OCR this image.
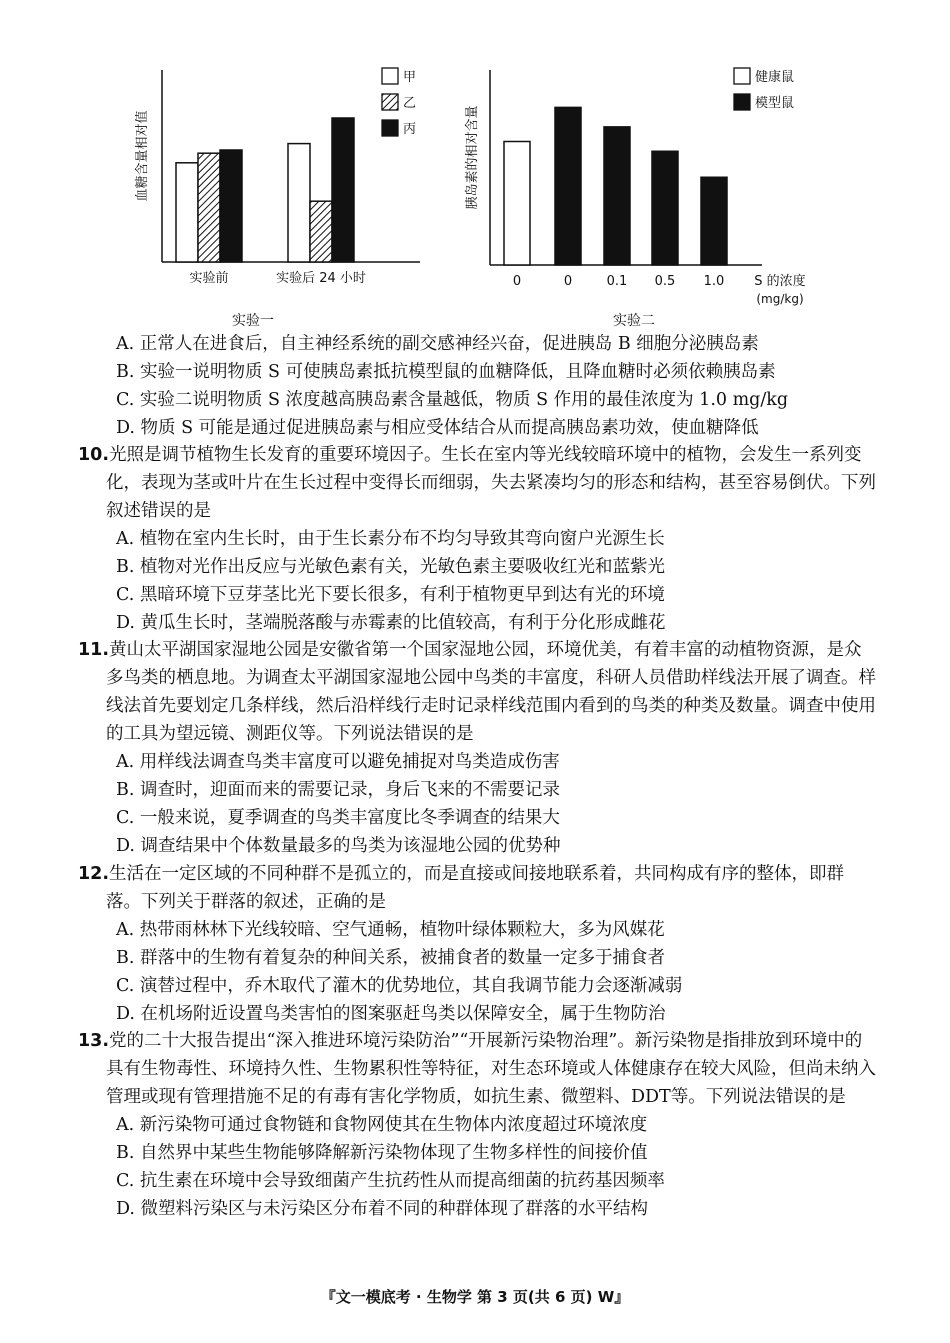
血糖含量相对值
实验前	实验后 24 小时
甲
乙
丙
实验一
胰岛素的相对含量
0	0	0.1 0.5 1.0 S 的浓度
(mg/kg)
健康鼠
模型鼠
实验二

A. 正常人在进食后，自主神经系统的副交感神经兴奋，促进胰岛 B 细胞分泌胰岛素

B. 实验一说明物质 S 可使胰岛素抵抗模型鼠的血糖降低，且降血糖时必须依赖胰岛素

C. 实验二说明物质 S 浓度越高胰岛素含量越低，物质 S 作用的最佳浓度为 1.0 mg/kg

D. 物质 S 可能是通过促进胰岛素与相应受体结合从而提高胰岛素功效，使血糖降低

10.光照是调节植物生长发育的重要环境因子。生长在室内等光线较暗环境中的植物，会发生一系列变化，表现为茎或叶片在生长过程中变得长而细弱，失去紧凑均匀的形态和结构，甚至容易倒伏。下列叙述错误的是

A. 植物在室内生长时，由于生长素分布不均匀导致其弯向窗户光源生长

B. 植物对光作出反应与光敏色素有关，光敏色素主要吸收红光和蓝紫光

C. 黑暗环境下豆芽茎比光下要长很多，有利于植物更早到达有光的环境

D. 黄瓜生长时，茎端脱落酸与赤霉素的比值较高，有利于分化形成雌花

11.黄山太平湖国家湿地公园是安徽省第一个国家湿地公园，环境优美，有着丰富的动植物资源，是众多鸟类的栖息地。为调查太平湖国家湿地公园中鸟类的丰富度，科研人员借助样线法开展了调查。样线法首先要划定几条样线，然后沿样线行走时记录样线范围内看到的鸟类的种类及数量。调查中使用的工具为望远镜、测距仪等。下列说法错误的是

A. 用样线法调查鸟类丰富度可以避免捕捉对鸟类造成伤害

B. 调查时，迎面而来的需要记录，身后飞来的不需要记录

C. 一般来说，夏季调查的鸟类丰富度比冬季调查的结果大

D. 调查结果中个体数量最多的鸟类为该湿地公园的优势种

12.生活在一定区域的不同种群不是孤立的，而是直接或间接地联系着，共同构成有序的整体，即群落。下列关于群落的叙述，正确的是

A. 热带雨林林下光线较暗、空气通畅，植物叶绿体颗粒大，多为风媒花

B. 群落中的生物有着复杂的种间关系，被捕食者的数量一定多于捕食者

C. 演替过程中，乔木取代了灌木的优势地位，其自我调节能力会逐渐减弱

D. 在机场附近设置鸟类害怕的图案驱赶鸟类以保障安全，属于生物防治

13.党的二十大报告提出“深入推进环境污染防治”“开展新污染物治理”。新污染物是指排放到环境中的具有生物毒性、环境持久性、生物累积性等特征，对生态环境或人体健康存在较大风险，但尚未纳入管理或现有管理措施不足的有毒有害化学物质，如抗生素、微塑料、DDT等。下列说法错误的是

A. 新污染物可通过食物链和食物网使其在生物体内浓度超过环境浓度

B. 自然界中某些生物能够降解新污染物体现了生物多样性的间接价值

C. 抗生素在环境中会导致细菌产生抗药性从而提高细菌的抗药基因频率

D. 微塑料污染区与未污染区分布着不同的种群体现了群落的水平结构

『文一模底考 · 生物学 第 3 页(共 6 页) W』
